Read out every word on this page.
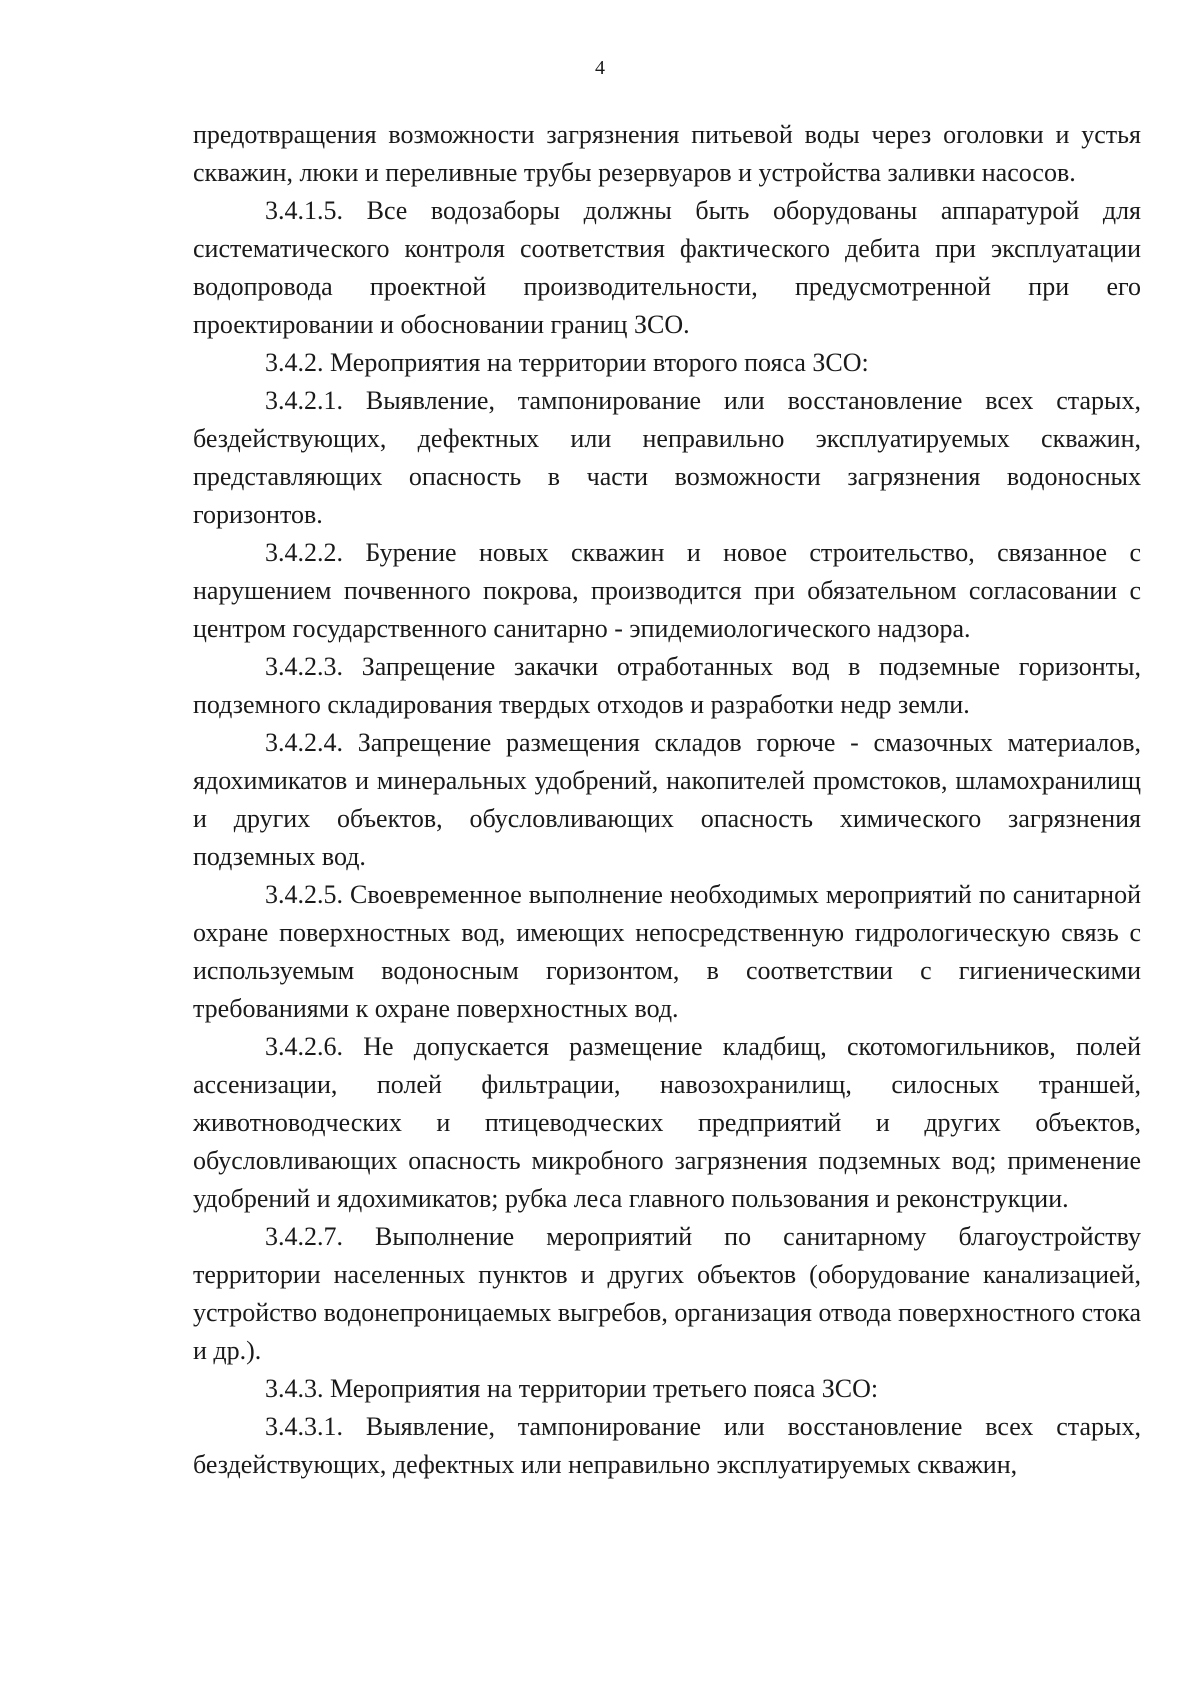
4

предотвращения возможности загрязнения питьевой воды через оголовки и устья скважин, люки и переливные трубы резервуаров и устройства заливки насосов.

3.4.1.5. Все водозаборы должны быть оборудованы аппаратурой для систематического контроля соответствия фактического дебита при эксплуатации водопровода проектной производительности, предусмотренной при его проектировании и обосновании границ ЗСО.

3.4.2. Мероприятия на территории второго пояса ЗСО:

3.4.2.1. Выявление, тампонирование или восстановление всех старых, бездействующих, дефектных или неправильно эксплуатируемых скважин, представляющих опасность в части возможности загрязнения водоносных горизонтов.

3.4.2.2. Бурение новых скважин и новое строительство, связанное с нарушением почвенного покрова, производится при обязательном согласовании с центром государственного санитарно - эпидемиологического надзора.

3.4.2.3. Запрещение закачки отработанных вод в подземные горизонты, подземного складирования твердых отходов и разработки недр земли.

3.4.2.4. Запрещение размещения складов горюче - смазочных материалов, ядохимикатов и минеральных удобрений, накопителей промстоков, шламохранилищ и других объектов, обусловливающих опасность химического загрязнения подземных вод.

3.4.2.5. Своевременное выполнение необходимых мероприятий по санитарной охране поверхностных вод, имеющих непосредственную гидрологическую связь с используемым водоносным горизонтом, в соответствии с гигиеническими требованиями к охране поверхностных вод.

3.4.2.6. Не допускается размещение кладбищ, скотомогильников, полей ассенизации, полей фильтрации, навозохранилищ, силосных траншей, животноводческих и птицеводческих предприятий и других объектов, обусловливающих опасность микробного загрязнения подземных вод; применение удобрений и ядохимикатов; рубка леса главного пользования и реконструкции.

3.4.2.7. Выполнение мероприятий по санитарному благоустройству территории населенных пунктов и других объектов (оборудование канализацией, устройство водонепроницаемых выгребов, организация отвода поверхностного стока и др.).

3.4.3. Мероприятия на территории третьего пояса ЗСО:

3.4.3.1. Выявление, тампонирование или восстановление всех старых, бездействующих, дефектных или неправильно эксплуатируемых скважин,
